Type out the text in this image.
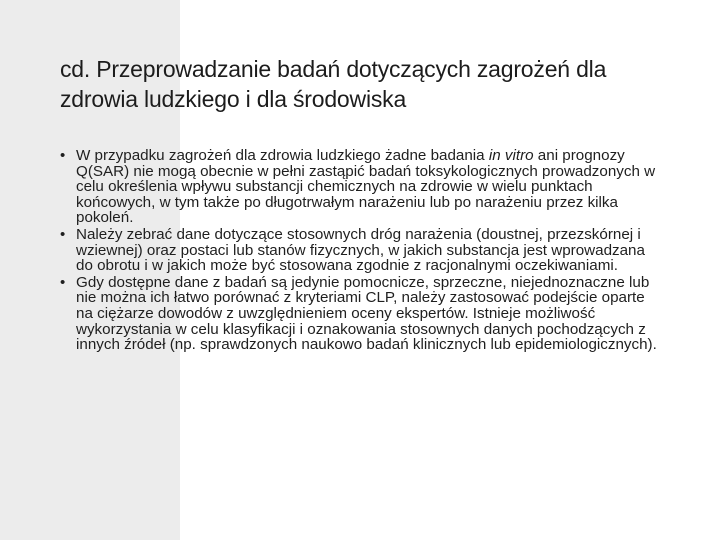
cd. Przeprowadzanie badań dotyczących zagrożeń dla zdrowia ludzkiego i dla środowiska
• W przypadku zagrożeń dla zdrowia ludzkiego żadne badania in vitro ani prognozy Q(SAR) nie mogą obecnie w pełni zastąpić badań toksykologicznych prowadzonych w celu określenia wpływu substancji chemicznych na zdrowie w wielu punktach końcowych, w tym także po długotrwałym narażeniu lub po narażeniu przez kilka pokoleń.
• Należy zebrać dane dotyczące stosownych dróg narażenia (doustnej, przezskórnej i wziewnej) oraz postaci lub stanów fizycznych, w jakich substancja jest wprowadzana do obrotu i w jakich może być stosowana zgodnie z racjonalnymi oczekiwaniami.
• Gdy dostępne dane z badań są jedynie pomocnicze, sprzeczne, niejednoznaczne lub nie można ich łatwo porównać z kryteriami CLP, należy zastosować podejście oparte na ciężarze dowodów z uwzględnieniem oceny ekspertów. Istnieje możliwość wykorzystania w celu klasyfikacji i oznakowania stosownych danych pochodzących z innych źródeł (np. sprawdzonych naukowo badań klinicznych lub epidemiologicznych).
